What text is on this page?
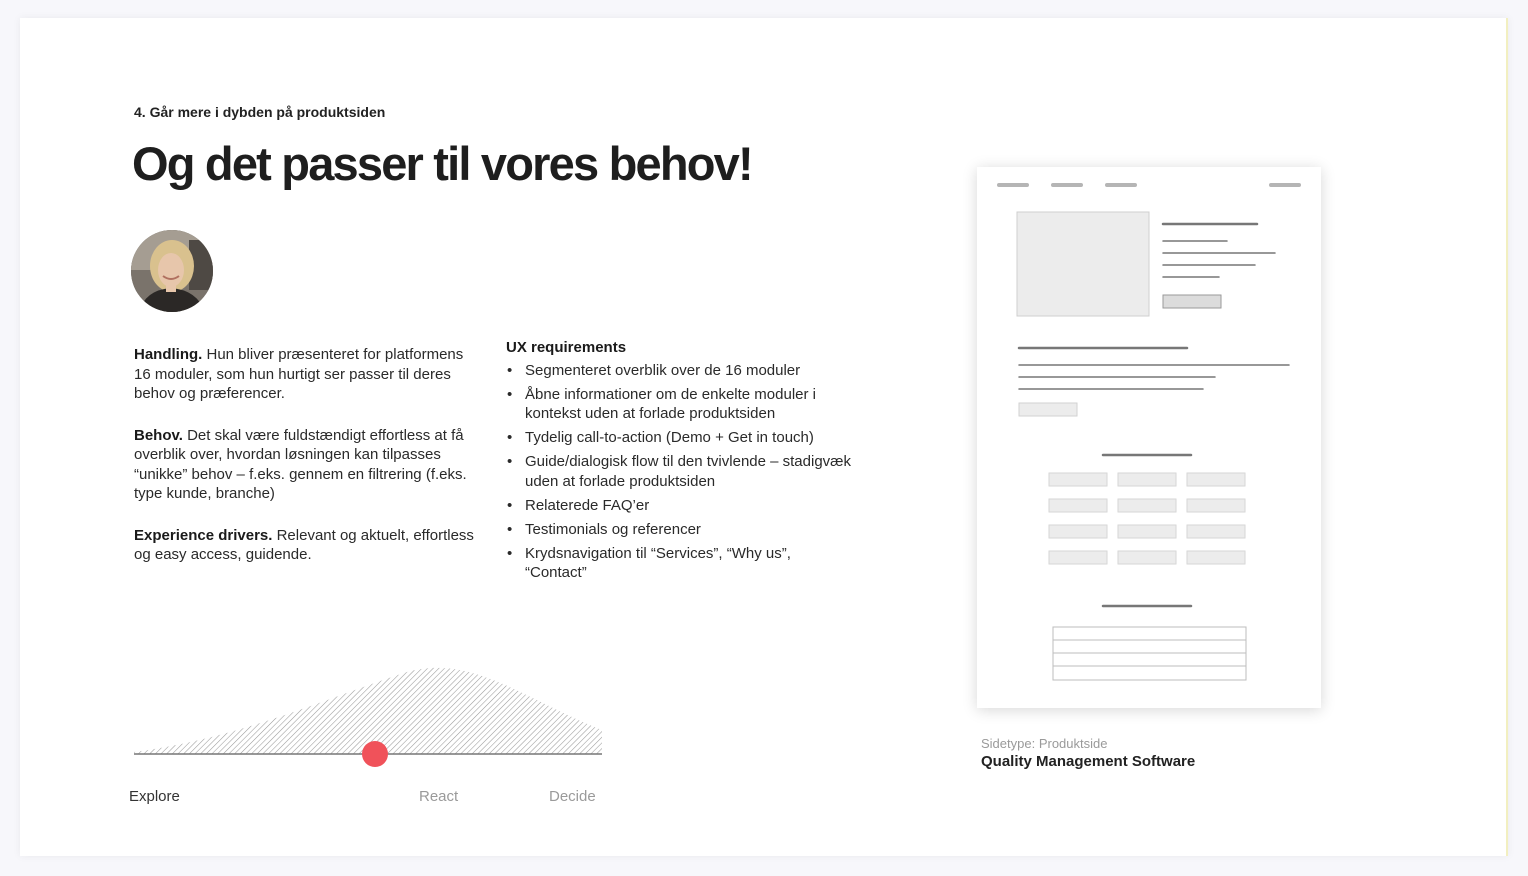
4. Går mere i dybden på produktsiden
Og det passer til vores behov!

Handling. Hun bliver præsenteret for platformens 16 moduler, som hun hurtigt ser passer til deres behov og præferencer.

Behov. Det skal være fuldstændigt effortless at få overblik over, hvordan løsningen kan tilpasses “unikke” behov – f.eks. gennem en filtrering (f.eks. type kunde, branche)

Experience drivers. Relevant og aktuelt, effortless og easy access, guidende.

UX requirements
• Segmenteret overblik over de 16 moduler
• Åbne informationer om de enkelte moduler i kontekst uden at forlade produktsiden
• Tydelig call-to-action (Demo + Get in touch)
• Guide/dialogisk flow til den tvivlende – stadigvæk uden at forlade produktsiden
• Relaterede FAQ’er
• Testimonials og referencer
• Krydsnavigation til “Services”, “Why us”, “Contact”
Explore	React	Decide
Sidetype: Produktside
Quality Management Software
